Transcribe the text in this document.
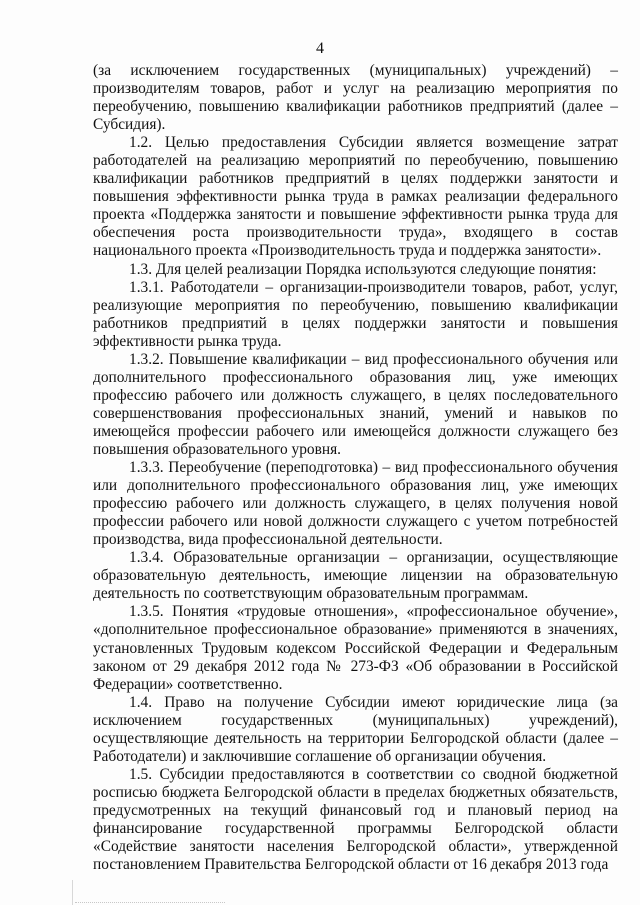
4

(за исключением государственных (муниципальных) учреждений) – производителям товаров, работ и услуг на реализацию мероприятия по переобучению, повышению квалификации работников предприятий (далее – Субсидия).

1.2. Целью предоставления Субсидии является возмещение затрат работодателей на реализацию мероприятий по переобучению, повышению квалификации работников предприятий в целях поддержки занятости и повышения эффективности рынка труда в рамках реализации федерального проекта «Поддержка занятости и повышение эффективности рынка труда для обеспечения роста производительности труда», входящего в состав национального проекта «Производительность труда и поддержка занятости».

1.3. Для целей реализации Порядка используются следующие понятия:

1.3.1. Работодатели – организации-производители товаров, работ, услуг, реализующие мероприятия по переобучению, повышению квалификации работников предприятий в целях поддержки занятости и повышения эффективности рынка труда.

1.3.2. Повышение квалификации – вид профессионального обучения или дополнительного профессионального образования лиц, уже имеющих профессию рабочего или должность служащего, в целях последовательного совершенствования профессиональных знаний, умений и навыков по имеющейся профессии рабочего или имеющейся должности служащего без повышения образовательного уровня.

1.3.3. Переобучение (переподготовка) – вид профессионального обучения или дополнительного профессионального образования лиц, уже имеющих профессию рабочего или должность служащего, в целях получения новой профессии рабочего или новой должности служащего с учетом потребностей производства, вида профессиональной деятельности.

1.3.4. Образовательные организации – организации, осуществляющие образовательную деятельность, имеющие лицензии на образовательную деятельность по соответствующим образовательным программам.

1.3.5. Понятия «трудовые отношения», «профессиональное обучение», «дополнительное профессиональное образование» применяются в значениях, установленных Трудовым кодексом Российской Федерации и Федеральным законом от 29 декабря 2012 года № 273-ФЗ «Об образовании в Российской Федерации» соответственно.

1.4. Право на получение Субсидии имеют юридические лица (за исключением государственных (муниципальных) учреждений), осуществляющие деятельность на территории Белгородской области (далее – Работодатели) и заключившие соглашение об организации обучения.

1.5. Субсидии предоставляются в соответствии со сводной бюджетной росписью бюджета Белгородской области в пределах бюджетных обязательств, предусмотренных на текущий финансовый год и плановый период на финансирование государственной программы Белгородской области «Содействие занятости населения Белгородской области», утвержденной постановлением Правительства Белгородской области от 16 декабря 2013 года
